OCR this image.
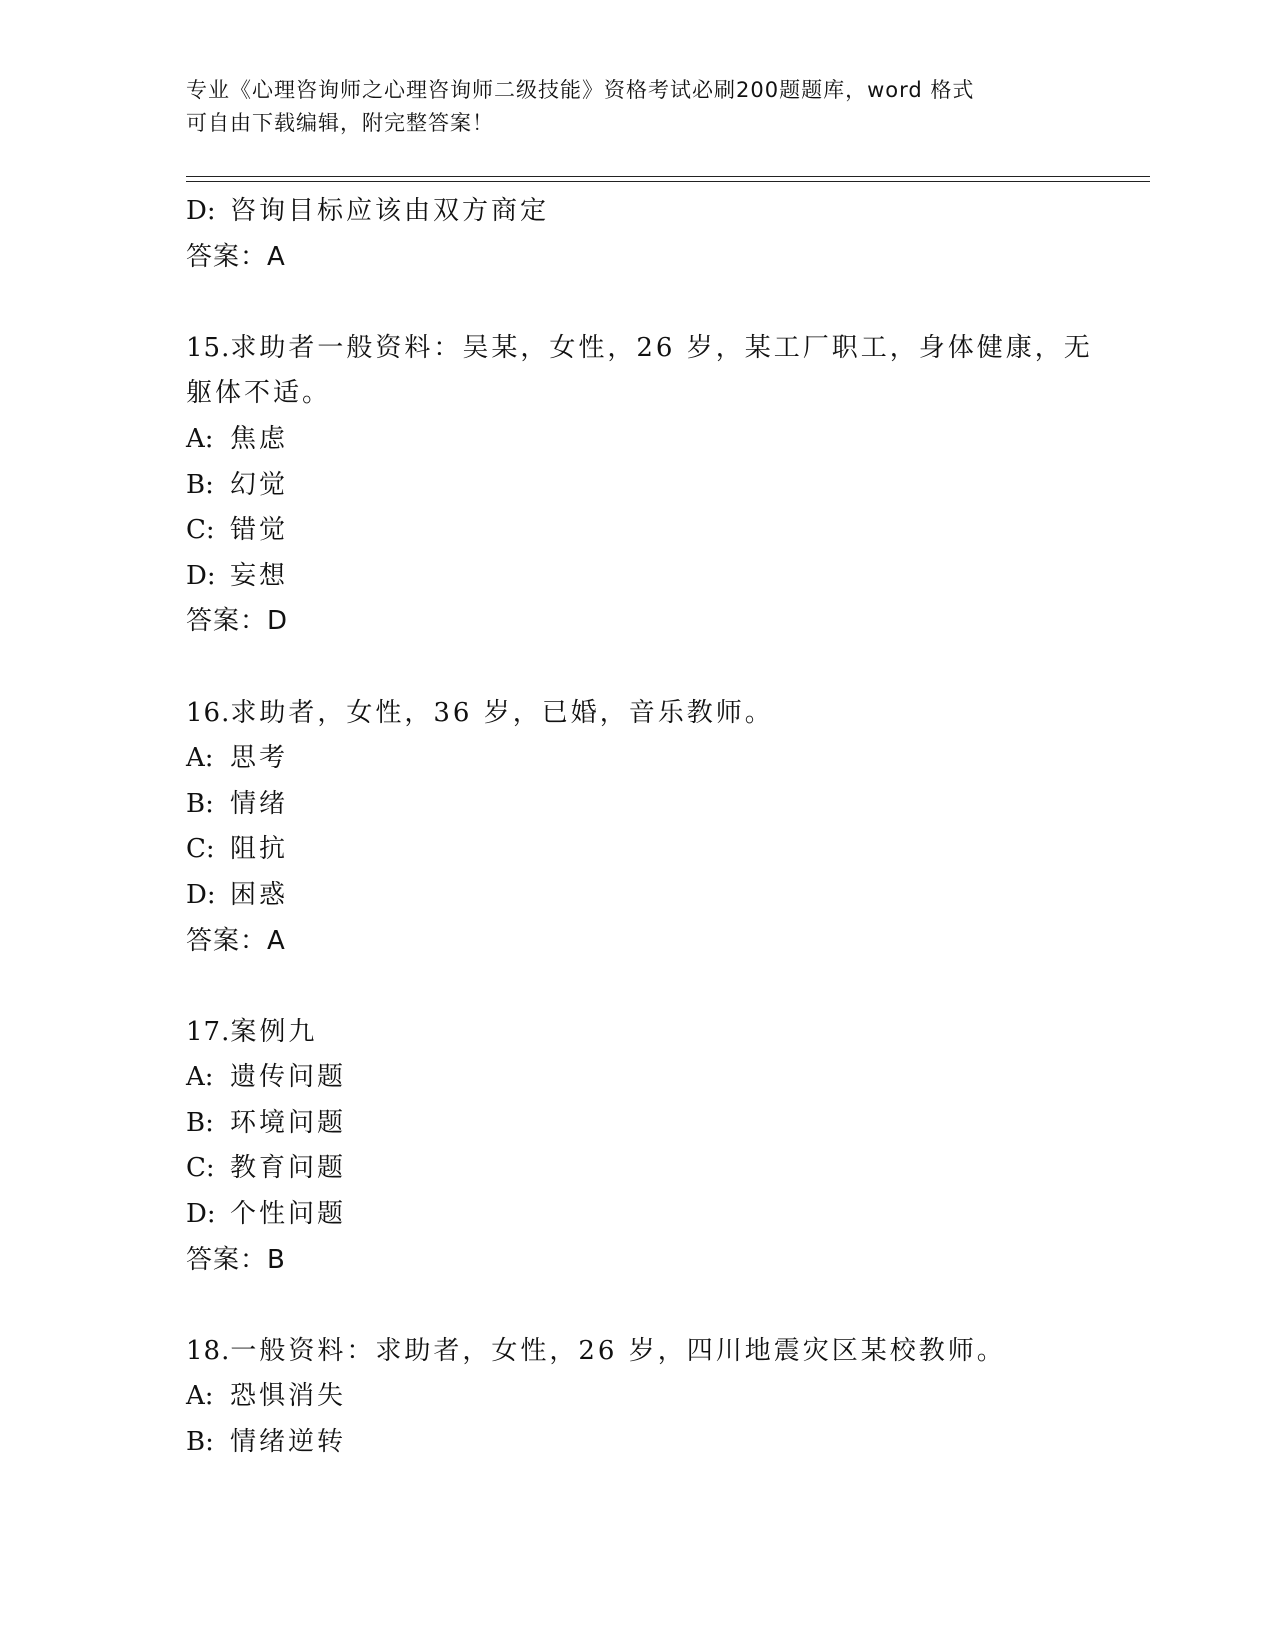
专业《心理咨询师之心理咨询师二级技能》资格考试必刷200题题库，word 格式
可自由下载编辑，附完整答案！
D: 咨询目标应该由双方商定
答案：A
15.求助者一般资料：吴某，女性，26 岁，某工厂职工，身体健康，无
躯体不适。
A: 焦虑
B: 幻觉
C: 错觉
D: 妄想
答案：D
16.求助者，女性，36 岁，已婚，音乐教师。
A: 思考
B: 情绪
C: 阻抗
D: 困惑
答案：A
17.案例九
A: 遗传问题
B: 环境问题
C: 教育问题
D: 个性问题
答案：B
18.一般资料：求助者，女性，26 岁，四川地震灾区某校教师。
A: 恐惧消失
B: 情绪逆转
